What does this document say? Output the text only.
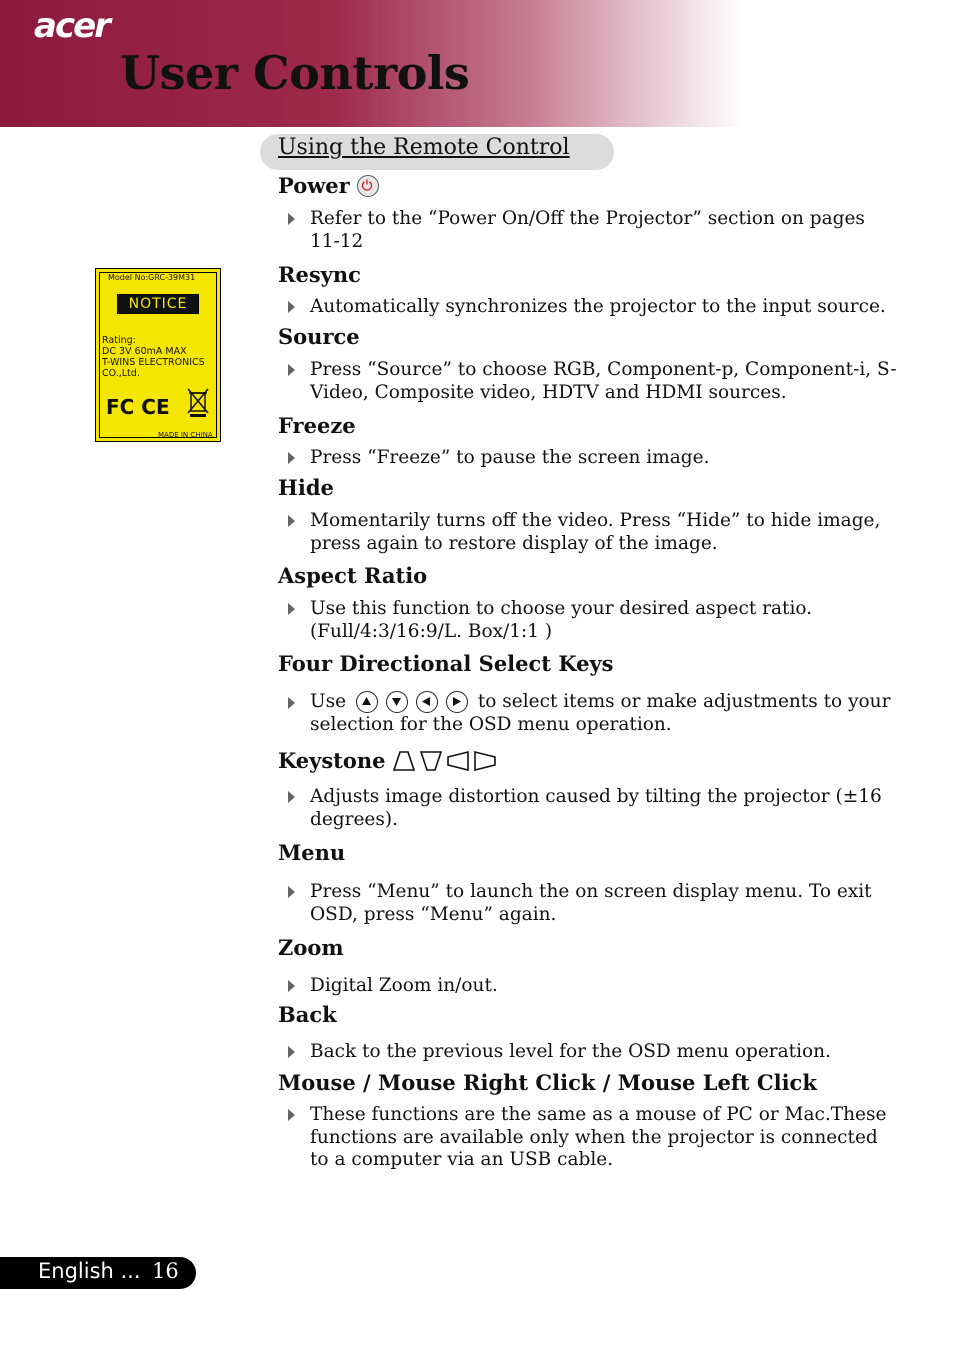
acer
User Controls
Using the Remote Control
Model No:GRC-39M31
NOTICE
Rating:
DC 3V 60mA MAX
T-WINS ELECTRONICS
CO.,Ltd.
FC CE
MADE IN CHINA
Power
Refer to the “Power On/Off the Projector” section on pages 11-12
Resync
Automatically synchronizes the projector to the input source.
Source
Press “Source” to choose RGB, Component-p, Component-i, S-Video, Composite video, HDTV and HDMI sources.
Freeze
Press “Freeze” to pause the screen image.
Hide
Momentarily turns off the video. Press “Hide” to hide image, press again to restore display of the image.
Aspect Ratio
Use this function to choose your desired aspect ratio. (Full/4:3/16:9/L. Box/1:1 )
Four Directional Select Keys
Use	to select items or make adjustments to your selection for the OSD menu operation.
Keystone
Adjusts image distortion caused by tilting the projector (±16 degrees).
Menu
Press “Menu” to launch the on screen display menu. To exit OSD, press “Menu” again.
Zoom
Digital Zoom in/out.
Back
Back to the previous level for the OSD menu operation.
Mouse / Mouse Right Click / Mouse Left Click
These functions are the same as a mouse of PC or Mac.These functions are available only when the projector is connected to a computer via an USB cable.
English ... 16
